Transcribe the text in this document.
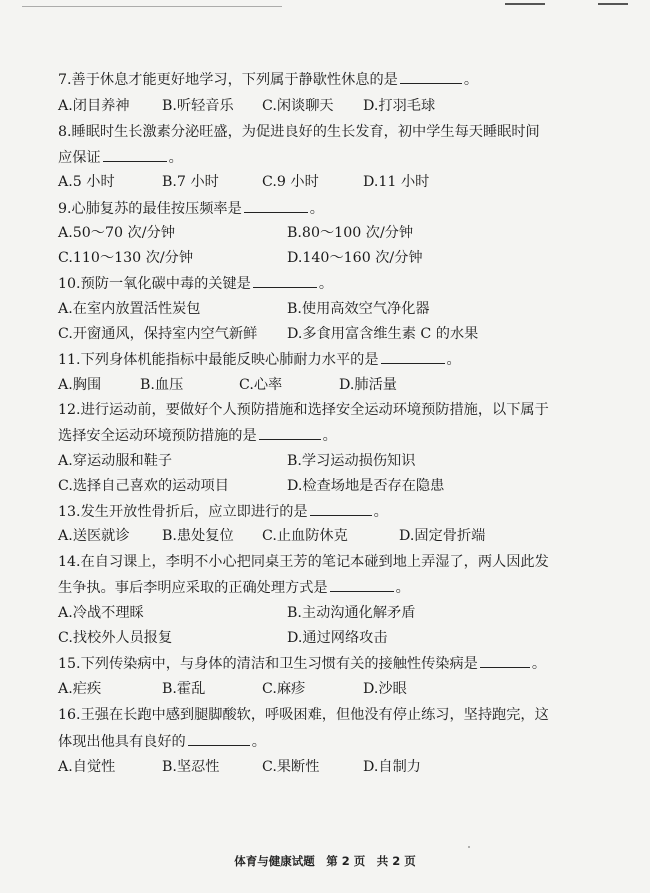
7.善于休息才能更好地学习，下列属于静歇性休息的是	。
A.闭目养神 B.听轻音乐 C.闲谈聊天 D.打羽毛球
8.睡眠时生长激素分泌旺盛，为促进良好的生长发育，初中学生每天睡眠时间
应保证	。
A.5 小时	B.7 小时	C.9 小时	D.11 小时
9.心肺复苏的最佳按压频率是	。
A.50～70 次/分钟	B.80～100 次/分钟
C.110～130 次/分钟	D.140～160 次/分钟
10.预防一氧化碳中毒的关键是	。
A.在室内放置活性炭包	B.使用高效空气净化器
C.开窗通风，保持室内空气新鲜 D.多食用富含维生素 C 的水果
11.下列身体机能指标中最能反映心肺耐力水平的是	。
A.胸围	B.血压	C.心率	D.肺活量
12.进行运动前，要做好个人预防措施和选择安全运动环境预防措施，以下属于
选择安全运动环境预防措施的是	。
A.穿运动服和鞋子	B.学习运动损伤知识
C.选择自己喜欢的运动项目	D.检查场地是否存在隐患
13.发生开放性骨折后，应立即进行的是	。
A.送医就诊 B.患处复位 C.止血防休克	D.固定骨折端
14.在自习课上，李明不小心把同桌王芳的笔记本碰到地上弄湿了，两人因此发
生争执。事后李明应采取的正确处理方式是	。
A.冷战不理睬	B.主动沟通化解矛盾
C.找校外人员报复	D.通过网络攻击
15.下列传染病中，与身体的清洁和卫生习惯有关的接触性传染病是	。
A.疟疾	B.霍乱	C.麻疹	D.沙眼
16.王强在长跑中感到腿脚酸软，呼吸困难，但他没有停止练习，坚持跑完，这
体现出他具有良好的	。
A.自觉性	B.坚忍性	C.果断性	D.自制力
体育与健康试题　第 2 页　共 2 页
